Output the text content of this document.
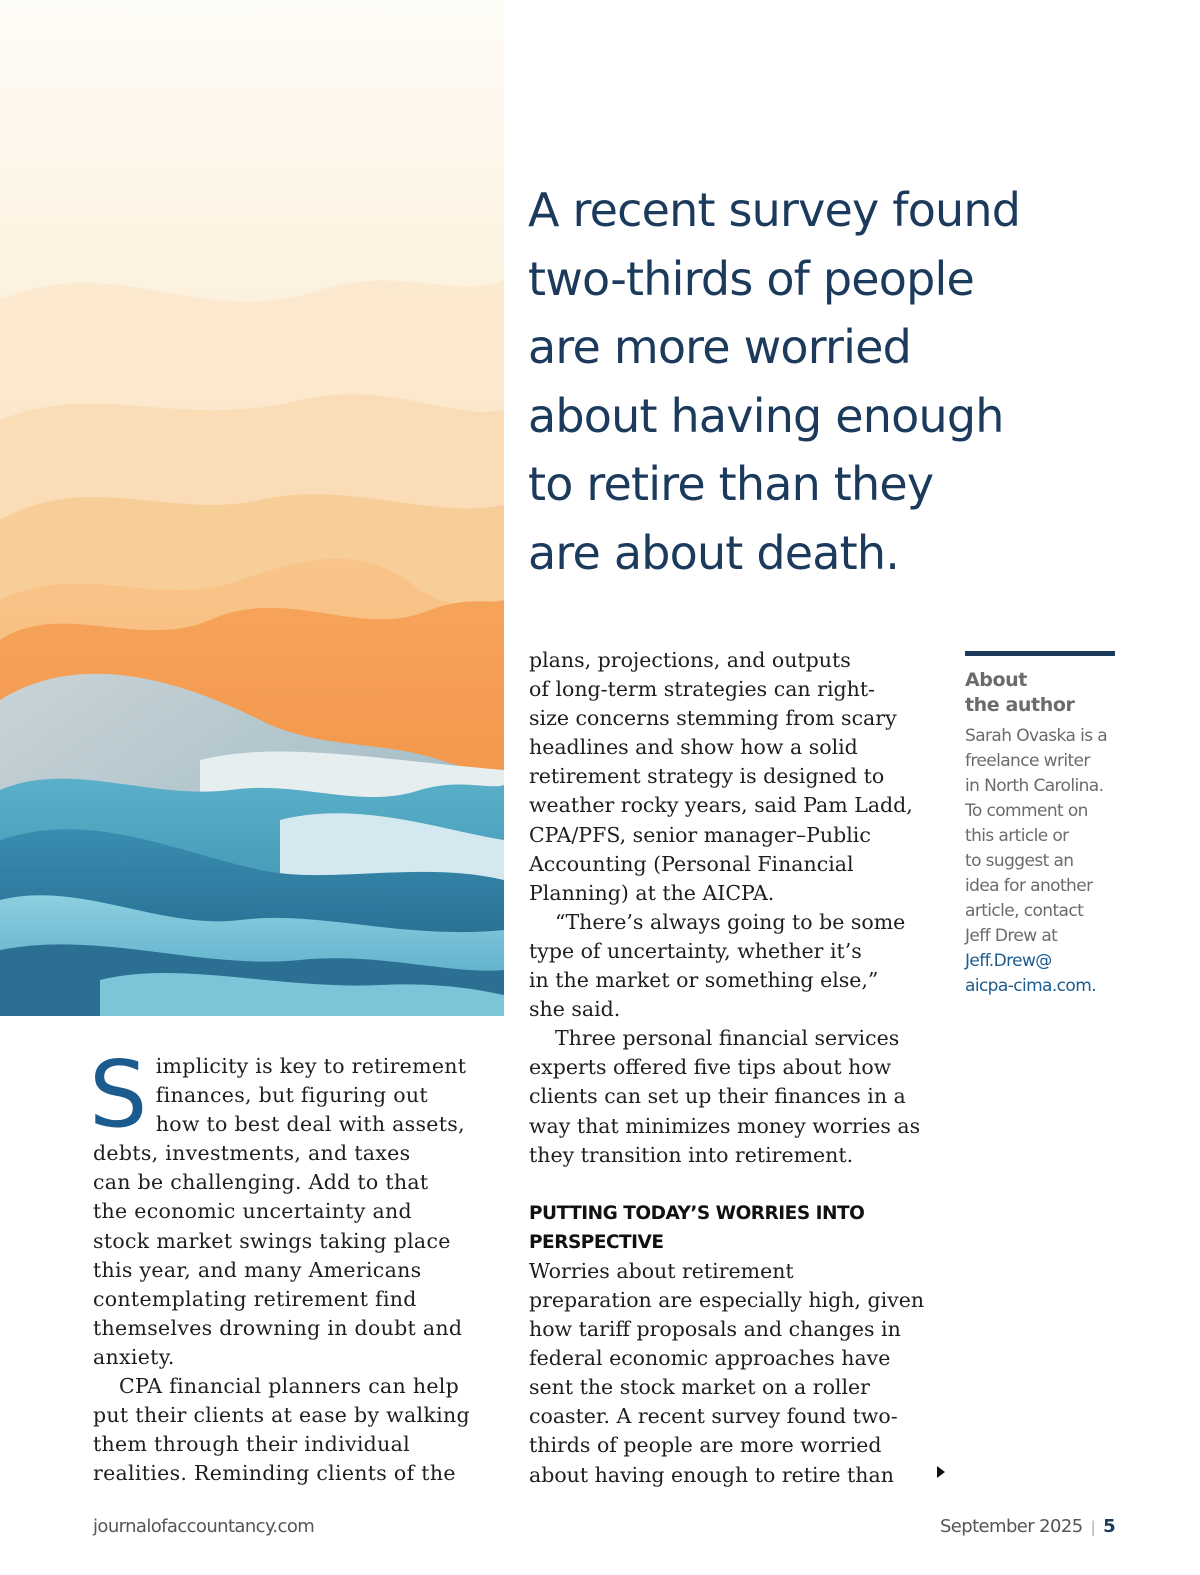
A recent survey found
two-thirds of people
are more worried
about having enough
to retire than they
are about death.
S implicity is key to retirement
finances, but figuring out
how to best deal with assets,
debts, investments, and taxes
can be challenging. Add to that
the economic uncertainty and
stock market swings taking place
this year, and many Americans
contemplating retirement find
themselves drowning in doubt and
anxiety.
CPA financial planners can help
put their clients at ease by walking
them through their individual
realities. Reminding clients of the
plans, projections, and outputs
of long-term strategies can right-
size concerns stemming from scary
headlines and show how a solid
retirement strategy is designed to
weather rocky years, said Pam Ladd,
CPA/PFS, senior manager–Public
Accounting (Personal Financial
Planning) at the AICPA.
“There’s always going to be some
type of uncertainty, whether it’s
in the market or something else,”
she said.
Three personal financial services
experts offered five tips about how
clients can set up their finances in a
way that minimizes money worries as
they transition into retirement.
PUTTING TODAY’S WORRIES INTO
PERSPECTIVE
Worries about retirement
preparation are especially high, given
how tariff proposals and changes in
federal economic approaches have
sent the stock market on a roller
coaster. A recent survey found two-
thirds of people are more worried
about having enough to retire than
About
the author
Sarah Ovaska is a
freelance writer
in North Carolina.
To comment on
this article or
to suggest an
idea for another
article, contact
Jeff Drew at
Jeff.Drew@
aicpa-cima.com.
journalofaccountancy.com	September 2025 | 5
